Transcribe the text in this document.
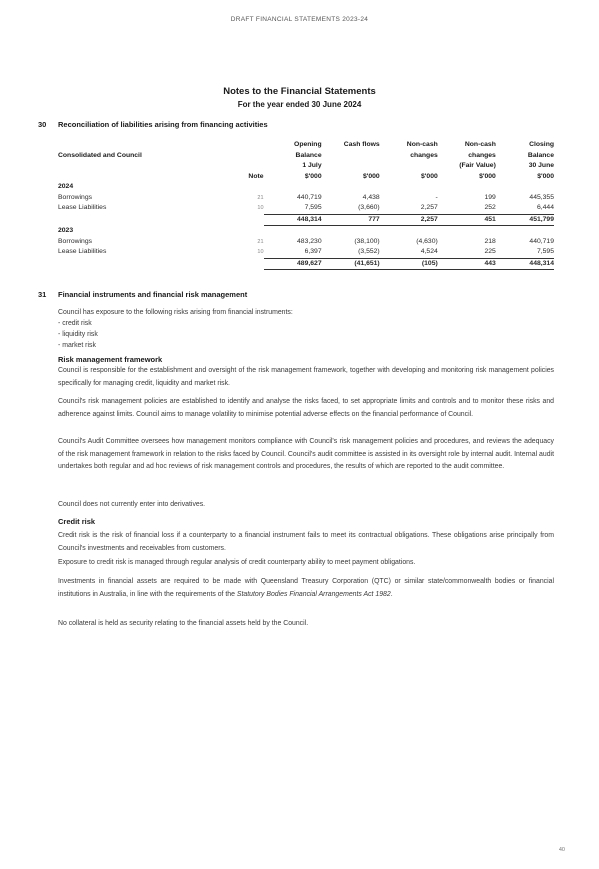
DRAFT FINANCIAL STATEMENTS 2023-24
Notes to the Financial Statements
For the year ended 30 June 2024
30 Reconciliation of liabilities arising from financing activities
		Opening	Cash flows	Non-cash	Non-cash	Closing
Consolidated and Council		Balance		changes	changes	Balance
		1 July			(Fair Value)	30 June
	Note	$'000	$'000	$'000	$'000	$'000
2024						
Borrowings	21	440,719	4,438	-	199	445,355
Lease Liabilities	10	7,595	(3,660)	2,257	252	6,444
		448,314	777	2,257	451	451,799
2023						
Borrowings	21	483,230	(38,100)	(4,630)	218	440,719
Lease Liabilities	10	6,397	(3,552)	4,524	225	7,595
		489,627	(41,651)	(105)	443	448,314
31 Financial instruments and financial risk management
Council has exposure to the following risks arising from financial instruments:
- credit risk
- liquidity risk
- market risk
Risk management framework
Council is responsible for the establishment and oversight of the risk management framework, together with developing and monitoring risk management policies specifically for managing credit, liquidity and market risk.
Council's risk management policies are established to identify and analyse the risks faced, to set appropriate limits and controls and to monitor these risks and adherence against limits. Council aims to manage volatility to minimise potential adverse effects on the financial performance of Council.
Council's Audit Committee oversees how management monitors compliance with Council's risk management policies and procedures, and reviews the adequacy of the risk management framework in relation to the risks faced by Council. Council's audit committee is assisted in its oversight role by internal audit. Internal audit undertakes both regular and ad hoc reviews of risk management controls and procedures, the results of which are reported to the audit committee.
Council does not currently enter into derivatives.
Credit risk
Credit risk is the risk of financial loss if a counterparty to a financial instrument fails to meet its contractual obligations. These obligations arise principally from Council's investments and receivables from customers.
Exposure to credit risk is managed through regular analysis of credit counterparty ability to meet payment obligations.
Investments in financial assets are required to be made with Queensland Treasury Corporation (QTC) or similar state/commonwealth bodies or financial institutions in Australia, in line with the requirements of the Statutory Bodies Financial Arrangements Act 1982.
No collateral is held as security relating to the financial assets held by the Council.
40
